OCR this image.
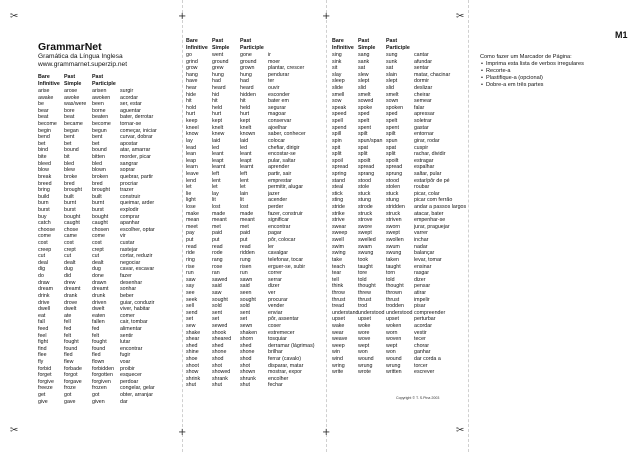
✂
✂
✂
✂
+	+
+	+
GrammarNet
Gramática da Língua Inglesa
www.grammarnet.superzip.net
Bare
Infinitive
arise
awake
be
bear
beat
become
begin
bend
bet
bind
bite
bleed
blow
break
breed
bring
build
burn
burst
buy
catch
choose
come
cost
creep
cut
deal
dig
do
draw
dream
drink
drive
dwell
eat
fall
feed
feel
fight
find
flee
fly
forbid
forget
forgive
freeze
get
give
Past
Simple
arose
awoke
was/were
bore
beat
became
began
bent
bet
bound
bit
bled
blew
broke
bred
brought
built
burnt
burst
bought
caught
chose
came
cost
crept
cut
dealt
dug
did
drew
dreamt
drank
drove
dwelt
ate
fell
fed
felt
fought
found
fled
flew
forbade
forgot
forgave
froze
got
gave
Past
Participle
arisen
awoken
been
borne
beaten
become
begun
bent
bet
bound
bitten
bled
blown
broken
bred
brought
built
burnt
burst
bought
caught
chosen
come
cost
crept
cut
dealt
dug
done
drawn
dreamt
drunk
driven
dwelt
eaten
fallen
fed
felt
fought
found
fled
flown
forbidden
forgotten
forgiven
frozen
got
given
surgir
acordar
ser, estar
aguentar
bater, derrotar
tornar-se
começar, iniciar
curvar, dobrar
apostar
atar, amarrar
morder, picar
sangrar
soprar
quebrar, partir
procriar
trazer
construir
queimar, arder
explodir
comprar
apanhar
escolher, optar
vir
custar
rastejar
cortar, reduzir
negociar
cavar, escavar
fazer
desenhar
sonhar
beber
guiar, conduzir
viver, habitar
comer
cair, tombar
alimentar
sentir
lutar
encontrar
fugir
voar
proibir
esquecer
perdoar
congelar, gelar
obter, arranjar
dar
Bare
Infinitive
go
grind
grow
hang
have
hear
hide
hit
hold
hurt
keep
kneel
know
lay
lead
lean
leap
learn
leave
lend
let
lie
light
lose
make
mean
meet
pay
put
read
ride
ring
rise
run
saw
say
see
seek
sell
send
set
sew
shake
shear
shed
shine
shoe
shoot
show
shrink
shut
Past
Simple
went
ground
grew
hung
had
heard
hid
hit
held
hurt
kept
knelt
knew
laid
led
leant
leapt
learnt
left
lent
let
lay
lit
lost
made
meant
met
paid
put
read
rode
rang
rose
ran
sawed
said
saw
sought
sold
sent
set
sewed
shook
sheared
shed
shone
shod
shot
showed
shrank
shut
Past
Participle
gone
ground
grown
hung
had
heard
hidden
hit
held
hurt
kept
knelt
known
laid
led
leant
leapt
learnt
left
lent
let
lain
lit
lost
made
meant
met
paid
put
read
ridden
rung
risen
run
sawn
said
seen
sought
sold
sent
set
sewn
shaken
shorn
shed
shone
shod
shot
shown
shrunk
shut
ir
moer
plantar, crescer
pendurar
ter
ouvir
esconder
bater em
segurar
magoar
conservar
ajoelhar
saber, conhecer
colocar
chefiar, dirigir
encostar-se
pular, saltar
aprender
partir, sair
emprestar
permitir, alugar
jazer
acender
perder
fazer, construir
significar
encontrar
pagar
pôr, colocar
ler
cavalgar
telefonar, tocar
erguer-se, subir
correr
serrar
dizer
ver
procurar
vender
enviar
pôr, assentar
coser
estremecer
tosquiar
derramar (lágrimas)
brilhar
ferrar (cavalo)
disparar, matar
mostrar, expor
encolher
fechar
Bare
Infinitive
sing
sink
sit
slay
sleep
slide
smell
sow
speak
speed
spell
spend
spill
spin
spit
split
spoil
spread
spring
stand
steal
stick
sting
stride
strike
strive
swear
sweep
swell
swim
swing
take
teach
tear
tell
think
throw
thrust
tread
understand
upset
wake
wear
weave
weep
win
wind
wring
write
Past
Simple
sang
sank
sat
slew
slept
slid
smelt
sowed
spoke
sped
spelt
spent
spilt
spun/span
spat
split
spoilt
spread
sprang
stood
stole
stuck
stung
strode
struck
strove
swore
swept
swelled
swam
swung
took
taught
tore
told
thought
threw
thrust
trod
understood
upset
woke
wore
wove
wept
won
wound
wrung
wrote
Past
Participle
sung
sunk
sat
slain
slept
slid
smelt
sown
spoken
sped
spelt
spent
spilt
spun
spat
split
spoilt
spread
sprung
stood
stolen
stuck
stung
stridden
struck
striven
sworn
swept
swollen
swum
swung
taken
taught
torn
told
thought
thrown
thrust
trodden
understood
upset
woken
worn
woven
wept
won
wound
wrung
written
cantar
afundar
sentar
matar, chacinar
dormir
deslizar
cheirar
semear
falar
apressar
soletrar
gastar
entornar
girar, rodar
cuspir
rachar, dividir
estragar
espalhar
saltar, pular
estar/pôr de pé
roubar
picar, colar
picar com ferrão
andar a passos largos
atacar, bater
empenhar-se
jurar, praguejar
varrer
inchar
nadar
balançar
levar, tomar
ensinar
rasgar
dizer
pensar
atirar
impelir
pisar
compreender
perturbar
acordar
vestir
tecer
chorar
ganhar
dar corda a
torcer
escrever
Copyright © T. S.Pina 2003
M1
Como fazer um Marcador de Página:
• Imprima esta lista de verbos irregulares
• Recorte-a
• Plastifique-a (opcional)
• Dobre-a em três partes
